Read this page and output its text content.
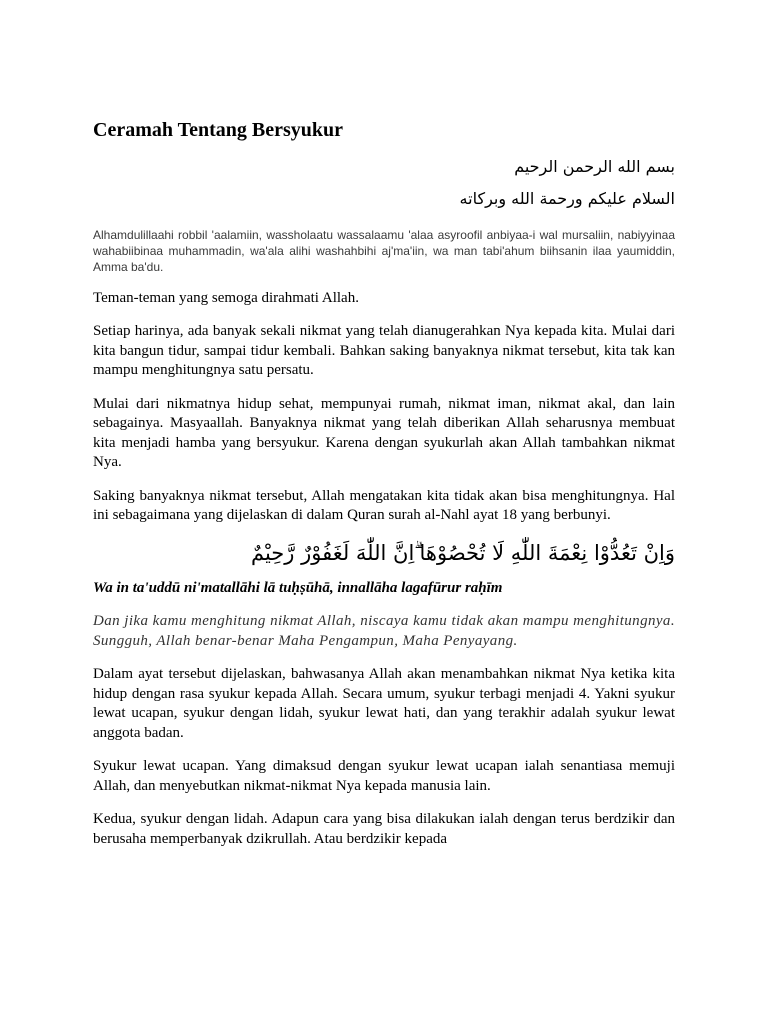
Ceramah Tentang Bersyukur
بسم الله الرحمن الرحيم
السلام عليكم ورحمة الله وبركاته

Alhamdulillaahi robbil 'aalamiin, wassholaatu wassalaamu 'alaa asyroofil anbiyaa-i wal mursaliin, nabiyyinaa wahabiibinaa muhammadin, wa'ala alihi washahbihi aj'ma'iin, wa man tabi'ahum biihsanin ilaa yaumiddin, Amma ba'du.

Teman-teman yang semoga dirahmati Allah.

Setiap harinya, ada banyak sekali nikmat yang telah dianugerahkan Nya kepada kita. Mulai dari kita bangun tidur, sampai tidur kembali. Bahkan saking banyaknya nikmat tersebut, kita tak kan mampu menghitungnya satu persatu.

Mulai dari nikmatnya hidup sehat, mempunyai rumah, nikmat iman, nikmat akal, dan lain sebagainya. Masyaallah. Banyaknya nikmat yang telah diberikan Allah seharusnya membuat kita menjadi hamba yang bersyukur. Karena dengan syukurlah akan Allah tambahkan nikmat Nya.

Saking banyaknya nikmat tersebut, Allah mengatakan kita tidak akan bisa menghitungnya. Hal ini sebagaimana yang dijelaskan di dalam Quran surah al-Nahl ayat 18 yang berbunyi.

وَاِنْ تَعُدُّوْا نِعْمَةَ اللّٰهِ لَا تُحْصُوْهَا ۗاِنَّ اللّٰهَ لَغَفُوْرٌ رَّحِيْمٌ

Wa in ta'uddū ni'matallāhi lā tuḥṣūhā, innallāha lagafūrur raḥīm

Dan jika kamu menghitung nikmat Allah, niscaya kamu tidak akan mampu menghitungnya. Sungguh, Allah benar-benar Maha Pengampun, Maha Penyayang.

Dalam ayat tersebut dijelaskan, bahwasanya Allah akan menambahkan nikmat Nya ketika kita hidup dengan rasa syukur kepada Allah. Secara umum, syukur terbagi menjadi 4. Yakni syukur lewat ucapan, syukur dengan lidah, syukur lewat hati, dan yang terakhir adalah syukur lewat anggota badan.

Syukur lewat ucapan. Yang dimaksud dengan syukur lewat ucapan ialah senantiasa memuji Allah, dan menyebutkan nikmat-nikmat Nya kepada manusia lain.

Kedua, syukur dengan lidah. Adapun cara yang bisa dilakukan ialah dengan terus berdzikir dan berusaha memperbanyak dzikrullah. Atau berdzikir kepada
